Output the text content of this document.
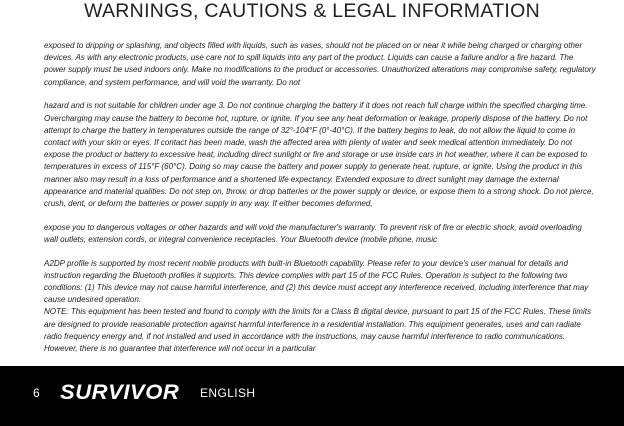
WARNINGS, CAUTIONS & LEGAL INFORMATION

exposed to dripping or splashing, and objects filled with liquids, such as vases, should not be placed on or near it while being charged or charging other devices. As with any electronic products, use care not to spill liquids into any part of the product. Liquids can cause a failure and/or a fire hazard. The power supply must be used indoors only. Make no modifications to the product or accessories. Unauthorized alterations may compromise safety, regulatory compliance, and system performance, and will void the warranty. Do not

hazard and is not suitable for children under age 3. Do not continue charging the battery if it does not reach full charge within the specified charging time. Overcharging may cause the battery to become hot, rupture, or ignite. If you see any heat deformation or leakage, properly dispose of the battery. Do not attempt to charge the battery in temperatures outside the range of 32°-104°F (0°-40°C). If the battery begins to leak, do not allow the liquid to come in contact with your skin or eyes. If contact has been made, wash the affected area with plenty of water and seek medical attention immediately. Do not expose the product or battery to excessive heat, including direct sunlight or fire and storage or use inside cars in hot weather, where it can be exposed to temperatures in excess of 115°F (60°C). Doing so may cause the battery and power supply to generate heat, rupture, or ignite. Using the product in this manner also may result in a loss of performance and a shortened life expectancy. Extended exposure to direct sunlight may damage the external appearance and material qualities. Do not step on, throw, or drop batteries or the power supply or device, or expose them to a strong shock. Do not pierce, crush, dent, or deform the batteries or power supply in any way. If either becomes deformed,

expose you to dangerous voltages or other hazards and will void the manufacturer's warranty. To prevent risk of fire or electric shock, avoid overloading wall outlets, extension cords, or integral convenience receptacles. Your Bluetooth device (mobile phone, music

A2DP profile is supported by most recent mobile products with built-in Bluetooth capability. Please refer to your device's user manual for details and instruction regarding the Bluetooth profiles it supports. This device complies with part 15 of the FCC Rules. Operation is subject to the following two conditions: (1) This device may not cause harmful interference, and (2) this device must accept any interference received, including interference that may cause undesired operation.

NOTE: This equipment has been tested and found to comply with the limits for a Class B digital device, pursuant to part 15 of the FCC Rules. These limits are designed to provide reasonable protection against harmful interference in a residential installation. This equipment generates, uses and can radiate radio frequency energy and, if not installed and used in accordance with the instructions, may cause harmful interference to radio communications. However, there is no guarantee that interference will not occur in a particular

6 SURVIVOR ENGLISH
